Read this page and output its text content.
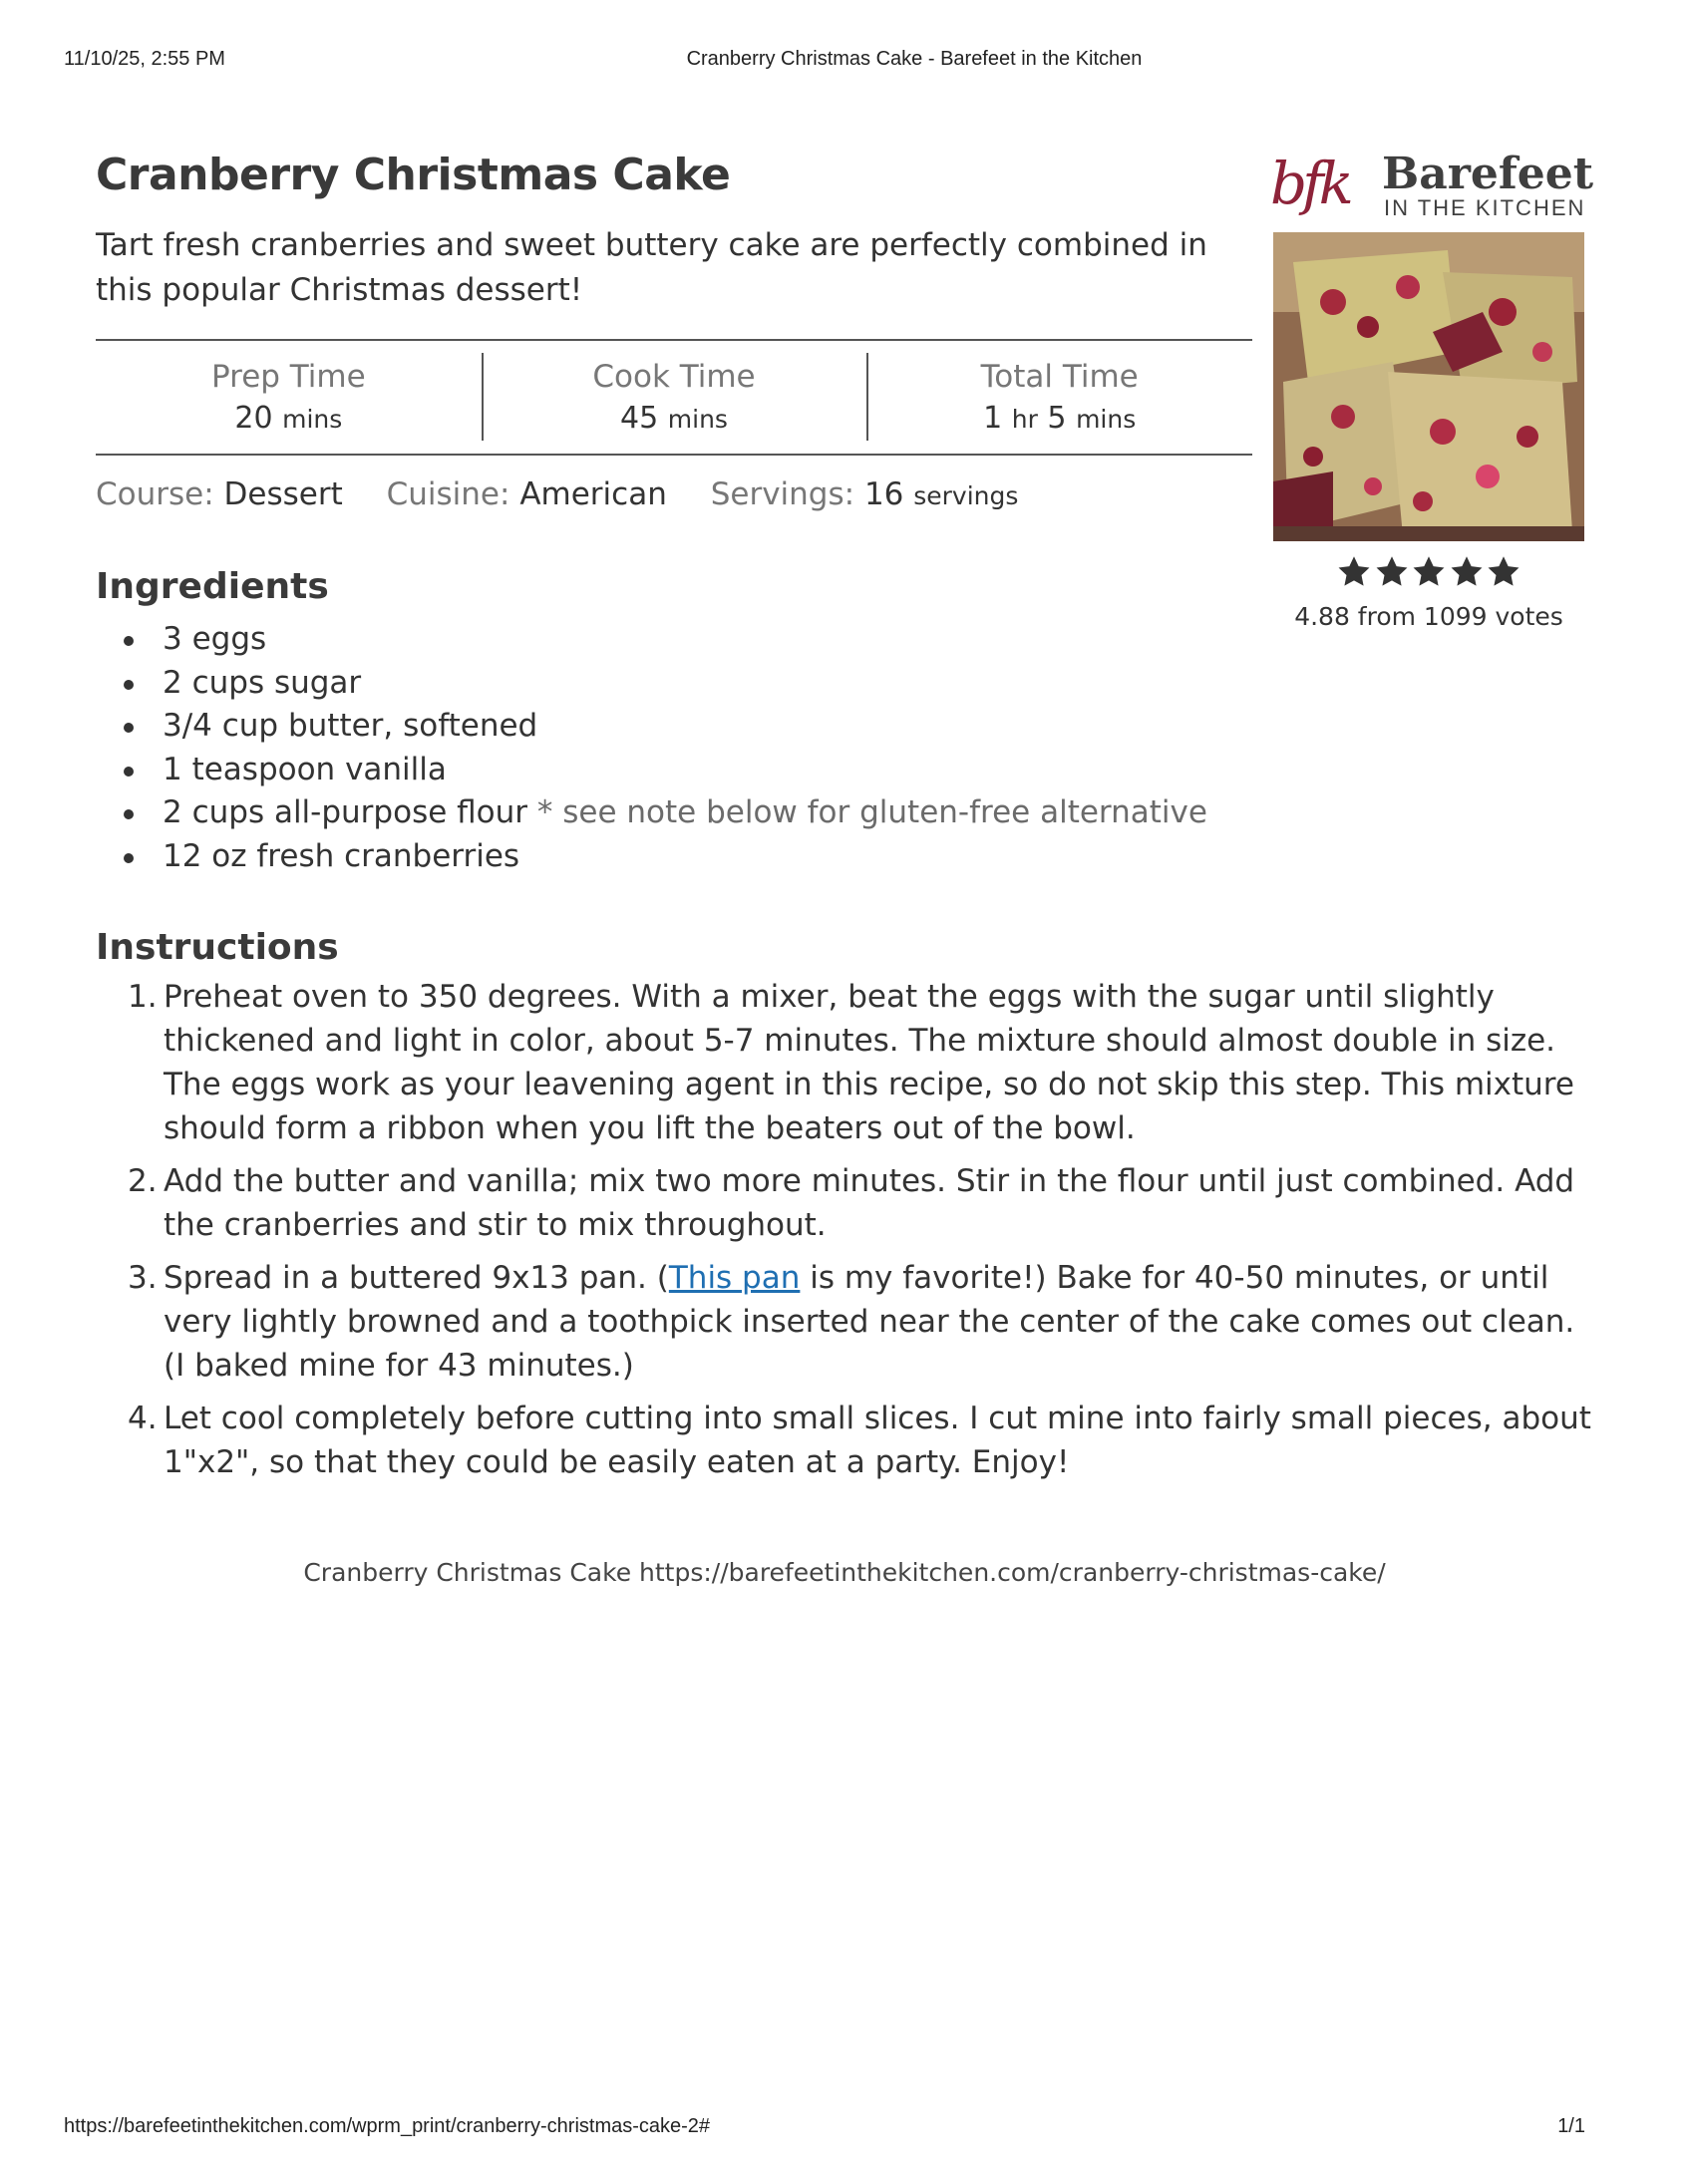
11/10/25, 2:55 PM	Cranberry Christmas Cake - Barefeet in the Kitchen
Cranberry Christmas Cake

Tart fresh cranberries and sweet buttery cake are perfectly combined in this popular Christmas dessert!

Prep Time
20 mins
Cook Time
45 mins
Total Time
1 hr 5 mins
Course: Dessert Cuisine: American Servings: 16 servings
Ingredients
3 eggs
2 cups sugar
3/4 cup butter, softened
1 teaspoon vanilla
2 cups all-purpose flour * see note below for gluten-free alternative
12 oz fresh cranberries
Instructions
1. Preheat oven to 350 degrees. With a mixer, beat the eggs with the sugar until slightly thickened and light in color, about 5-7 minutes. The mixture should almost double in size. The eggs work as your leavening agent in this recipe, so do not skip this step. This mixture should form a ribbon when you lift the beaters out of the bowl.
2. Add the butter and vanilla; mix two more minutes. Stir in the flour until just combined. Add the cranberries and stir to mix throughout.
3. Spread in a buttered 9x13 pan. (This pan is my favorite!) Bake for 40-50 minutes, or until very lightly browned and a toothpick inserted near the center of the cake comes out clean. (I baked mine for 43 minutes.)
4. Let cool completely before cutting into small slices. I cut mine into fairly small pieces, about 1"x2", so that they could be easily eaten at a party. Enjoy!
Cranberry Christmas Cake https://barefeetinthekitchen.com/cranberry-christmas-cake/
bfk Barefeet
IN THE KITCHEN
4.88 from 1099 votes
https://barefeetinthekitchen.com/wprm_print/cranberry-christmas-cake-2#	1/1
